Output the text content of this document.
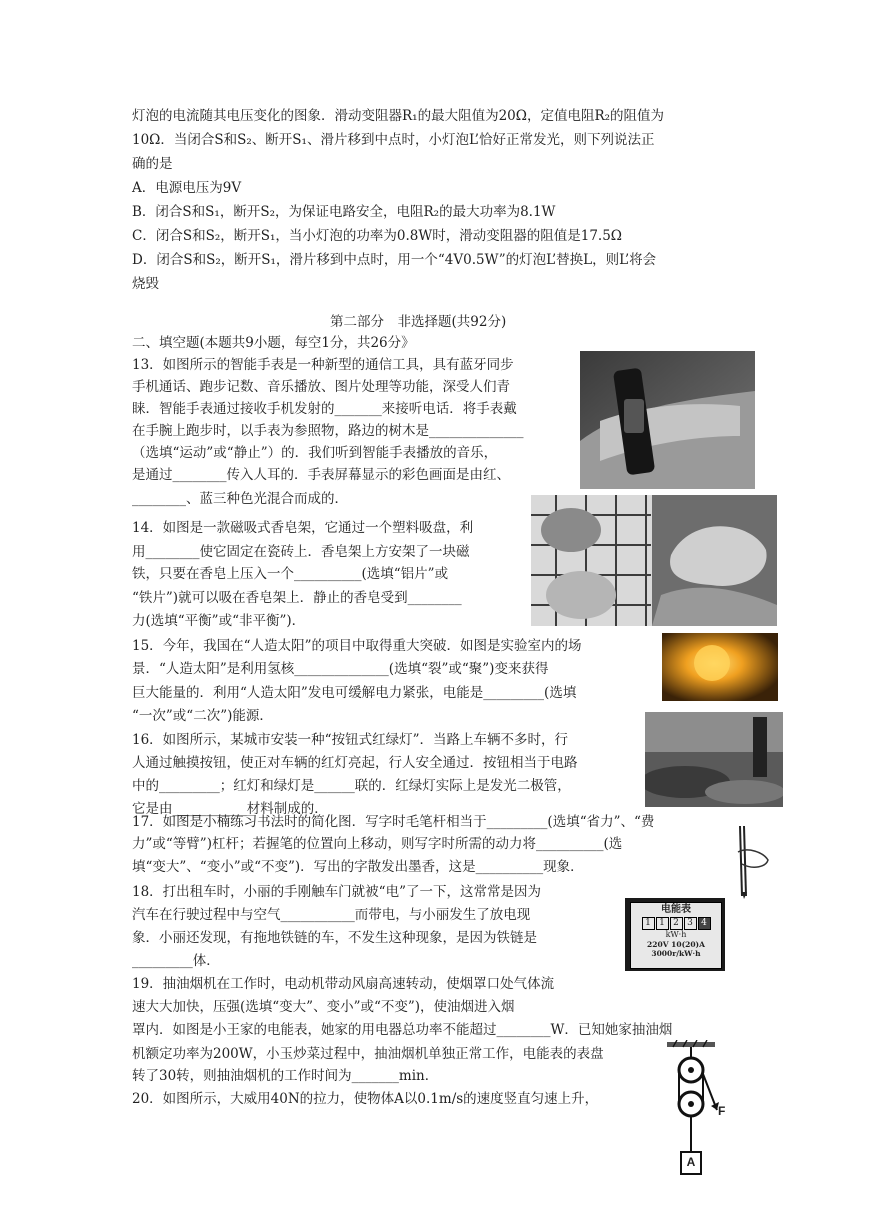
灯泡的电流随其电压变化的图象．滑动变阻器R₁的最大阻值为20Ω，定值电阻R₂的阻值为
10Ω．当闭合S和S₂、断开S₁、滑片移到中点时，小灯泡L’恰好正常发光，则下列说法正
确的是
A．电源电压为9V
B．闭合S和S₁，断开S₂，为保证电路安全，电阻R₂的最大功率为8.1W
C．闭合S和S₂，断开S₁，当小灯泡的功率为0.8W时，滑动变阻器的阻值是17.5Ω
D．闭合S和S₂，断开S₁，滑片移到中点时，用一个“4V0.5W”的灯泡L’替换L，则L’将会
烧毁
第二部分　非选择题(共92分)
二、填空题(本题共9小题，每空1分，共26分》
13．如图所示的智能手表是一种新型的通信工具，具有蓝牙同步
手机通话、跑步记数、音乐播放、图片处理等功能，深受人们青
睐．智能手表通过接收手机发射的_______来接听电话．将手表戴
在手腕上跑步时，以手表为参照物，路边的树木是______________
（选填“运动”或“静止”）的．我们听到智能手表播放的音乐，
是通过________传入人耳的．手表屏幕显示的彩色画面是由红、
________、蓝三种色光混合而成的．
14．如图是一款磁吸式香皂架，它通过一个塑料吸盘，利
用________使它固定在瓷砖上．香皂架上方安架了一块磁
铁，只要在香皂上压入一个__________(选填“铝片”或
“铁片”)就可以吸在香皂架上．静止的香皂受到________
力(选填“平衡”或“非平衡”)．
15．今年，我国在“人造太阳”的项目中取得重大突破．如图是实验室内的场
景．“人造太阳”是利用氢核______________(选填“裂”或“聚”)变来获得
巨大能量的．利用“人造太阳”发电可缓解电力紧张，电能是_________(选填
“一次”或“二次”)能源．
16．如图所示，某城市安装一种“按钮式红绿灯”．当路上车辆不多时，行
人通过触摸按钮，使正对车辆的红灯亮起，行人安全通过．按钮相当于电路
中的_________；红灯和绿灯是______联的．红绿灯实际上是发光二极管，
它是由___________材料制成的．
17．如图是小楠练习书法时的简化图．写字时毛笔杆相当于_________(选填“省力”、“费
力”或“等臂”)杠杆；若握笔的位置向上移动，则写字时所需的动力将__________(选
填“变大”、“变小”或“不变”)．写出的字散发出墨香，这是__________现象．
18．打出租车时，小丽的手刚触车门就被“电”了一下，这常常是因为
汽车在行驶过程中与空气___________而带电，与小丽发生了放电现
象．小丽还发现，有拖地铁链的车，不发生这种现象，是因为铁链是
_________体．
电能表
1 1 2 3 4
kW·h
220V 10(20)A
3000r/kW·h
19．抽油烟机在工作时，电动机带动风扇高速转动，使烟罩口处气体流
速大大加快，压强(选填“变大”、变小”或“不变”)，使油烟进入烟
罩内．如图是小王家的电能表，她家的用电器总功率不能超过________W．已知她家抽油烟
机额定功率为200W，小玉炒菜过程中，抽油烟机单独正常工作，电能表的表盘
转了30转，则抽油烟机的工作时间为_______min．
20．如图所示，大威用40N的拉力，使物体A以0.1m/s的速度竖直匀速上升，
F
A
